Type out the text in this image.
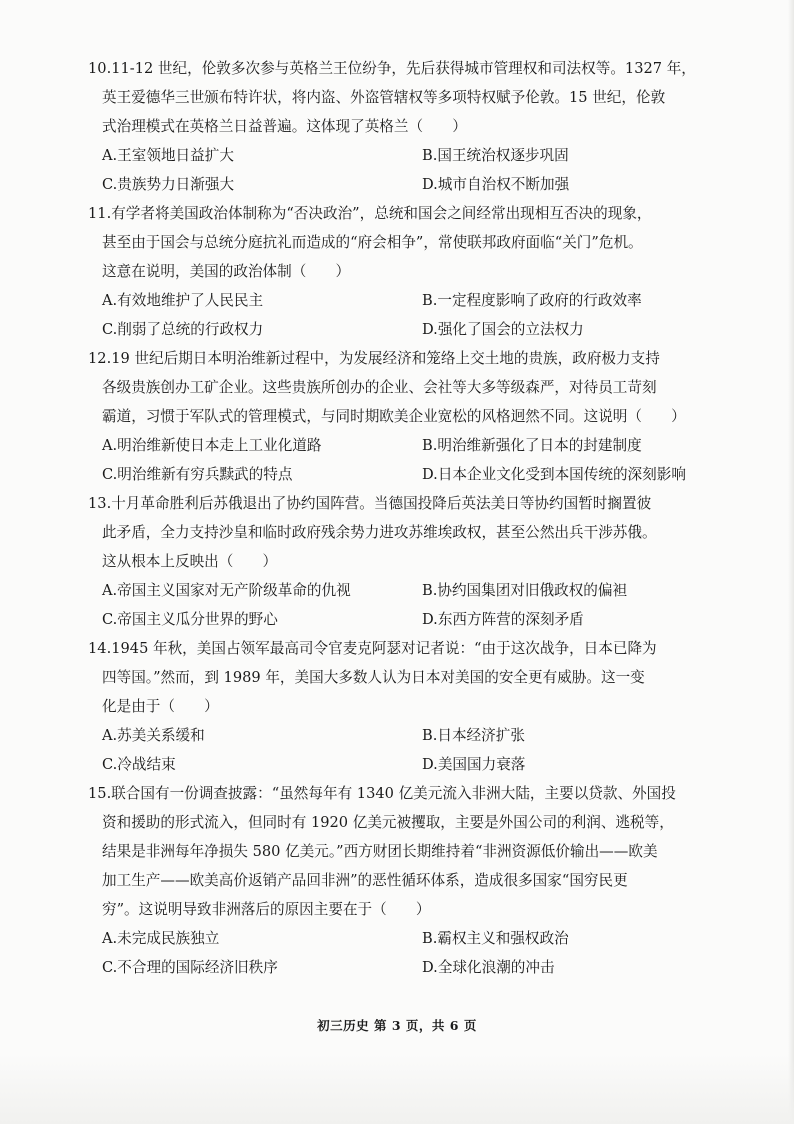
10.11-12 世纪，伦敦多次参与英格兰王位纷争，先后获得城市管理权和司法权等。1327 年，

英王爱德华三世颁布特许状，将内盗、外盗管辖权等多项特权赋予伦敦。15 世纪，伦敦

式治理模式在英格兰日益普遍。这体现了英格兰（　　）

A.王室领地日益扩大	B.国王统治权逐步巩固
C.贵族势力日渐强大	D.城市自治权不断加强

11.有学者将美国政治体制称为“否决政治”，总统和国会之间经常出现相互否决的现象，

甚至由于国会与总统分庭抗礼而造成的“府会相争”，常使联邦政府面临“关门”危机。

这意在说明，美国的政治体制（　　）

A.有效地维护了人民民主	B.一定程度影响了政府的行政效率
C.削弱了总统的行政权力	D.强化了国会的立法权力

12.19 世纪后期日本明治维新过程中，为发展经济和笼络上交土地的贵族，政府极力支持

各级贵族创办工矿企业。这些贵族所创办的企业、会社等大多等级森严，对待员工苛刻

霸道，习惯于军队式的管理模式，与同时期欧美企业宽松的风格迥然不同。这说明（　　）

A.明治维新使日本走上工业化道路	B.明治维新强化了日本的封建制度
C.明治维新有穷兵黩武的特点	D.日本企业文化受到本国传统的深刻影响

13.十月革命胜利后苏俄退出了协约国阵营。当德国投降后英法美日等协约国暂时搁置彼

此矛盾，全力支持沙皇和临时政府残余势力进攻苏维埃政权，甚至公然出兵干涉苏俄。

这从根本上反映出（　　）

A.帝国主义国家对无产阶级革命的仇视	B.协约国集团对旧俄政权的偏袒
C.帝国主义瓜分世界的野心	D.东西方阵营的深刻矛盾

14.1945 年秋，美国占领军最高司令官麦克阿瑟对记者说：“由于这次战争，日本已降为

四等国。”然而，到 1989 年，美国大多数人认为日本对美国的安全更有威胁。这一变

化是由于（　　）

A.苏美关系缓和	B.日本经济扩张
C.冷战结束	D.美国国力衰落

15.联合国有一份调查披露：“虽然每年有 1340 亿美元流入非洲大陆，主要以贷款、外国投

资和援助的形式流入，但同时有 1920 亿美元被攫取，主要是外国公司的利润、逃税等，

结果是非洲每年净损失 580 亿美元。”西方财团长期维持着“非洲资源低价输出——欧美

加工生产——欧美高价返销产品回非洲”的恶性循环体系，造成很多国家“国穷民更

穷”。这说明导致非洲落后的原因主要在于（　　）

A.未完成民族独立	B.霸权主义和强权政治
C.不合理的国际经济旧秩序	D.全球化浪潮的冲击
初三历史 第 3 页，共 6 页
